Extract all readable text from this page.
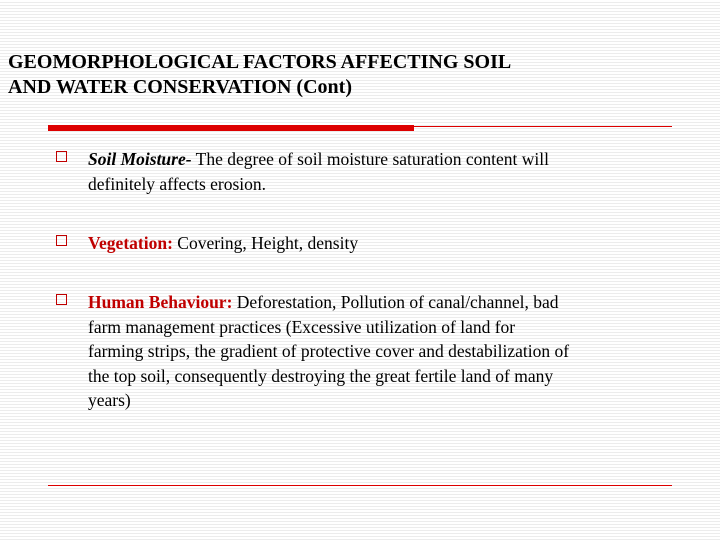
GEOMORPHOLOGICAL FACTORS AFFECTING SOIL
AND WATER CONSERVATION (Cont)
Soil Moisture- The degree of soil moisture saturation content will
definitely affects erosion.
Vegetation: Covering, Height, density
Human Behaviour: Deforestation, Pollution of canal/channel, bad
farm management practices (Excessive utilization of land for
farming strips, the gradient of protective cover and destabilization of
the top soil, consequently destroying the great fertile land of many
years)
